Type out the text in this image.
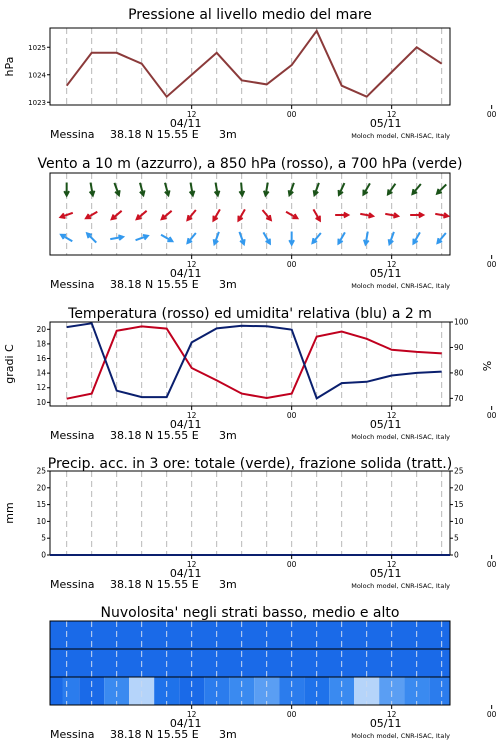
Pressione al livello medio del mare
1023
1024
1025
hPa
12	00	12	00
04/11	05/11
Messina 38.18 N 15.55 E 3m	Moloch model, CNR-ISAC, Italy
Vento a 10 m (azzurro), a 850 hPa (rosso), a 700 hPa (verde)
12	00	12	00
04/11	05/11
Messina 38.18 N 15.55 E 3m	Moloch model, CNR-ISAC, Italy
Temperatura (rosso) ed umidita' relativa (blu) a 2 m
10
12
14
16
18
20
70
80
90
100
gradi C	%
12	00	12	00
04/11	05/11
Messina 38.18 N 15.55 E 3m	Moloch model, CNR-ISAC, Italy
Precip. acc. in 3 ore: totale (verde), frazione solida (tratt.)
0
5
10
15
20
25
0
5
10
15
20
25
mm
12	00	12	00
04/11	05/11
Messina 38.18 N 15.55 E 3m	Moloch model, CNR-ISAC, Italy
Nuvolosita' negli strati basso, medio e alto
12	00	12	00
04/11	05/11
Messina 38.18 N 15.55 E 3m	Moloch model, CNR-ISAC, Italy
